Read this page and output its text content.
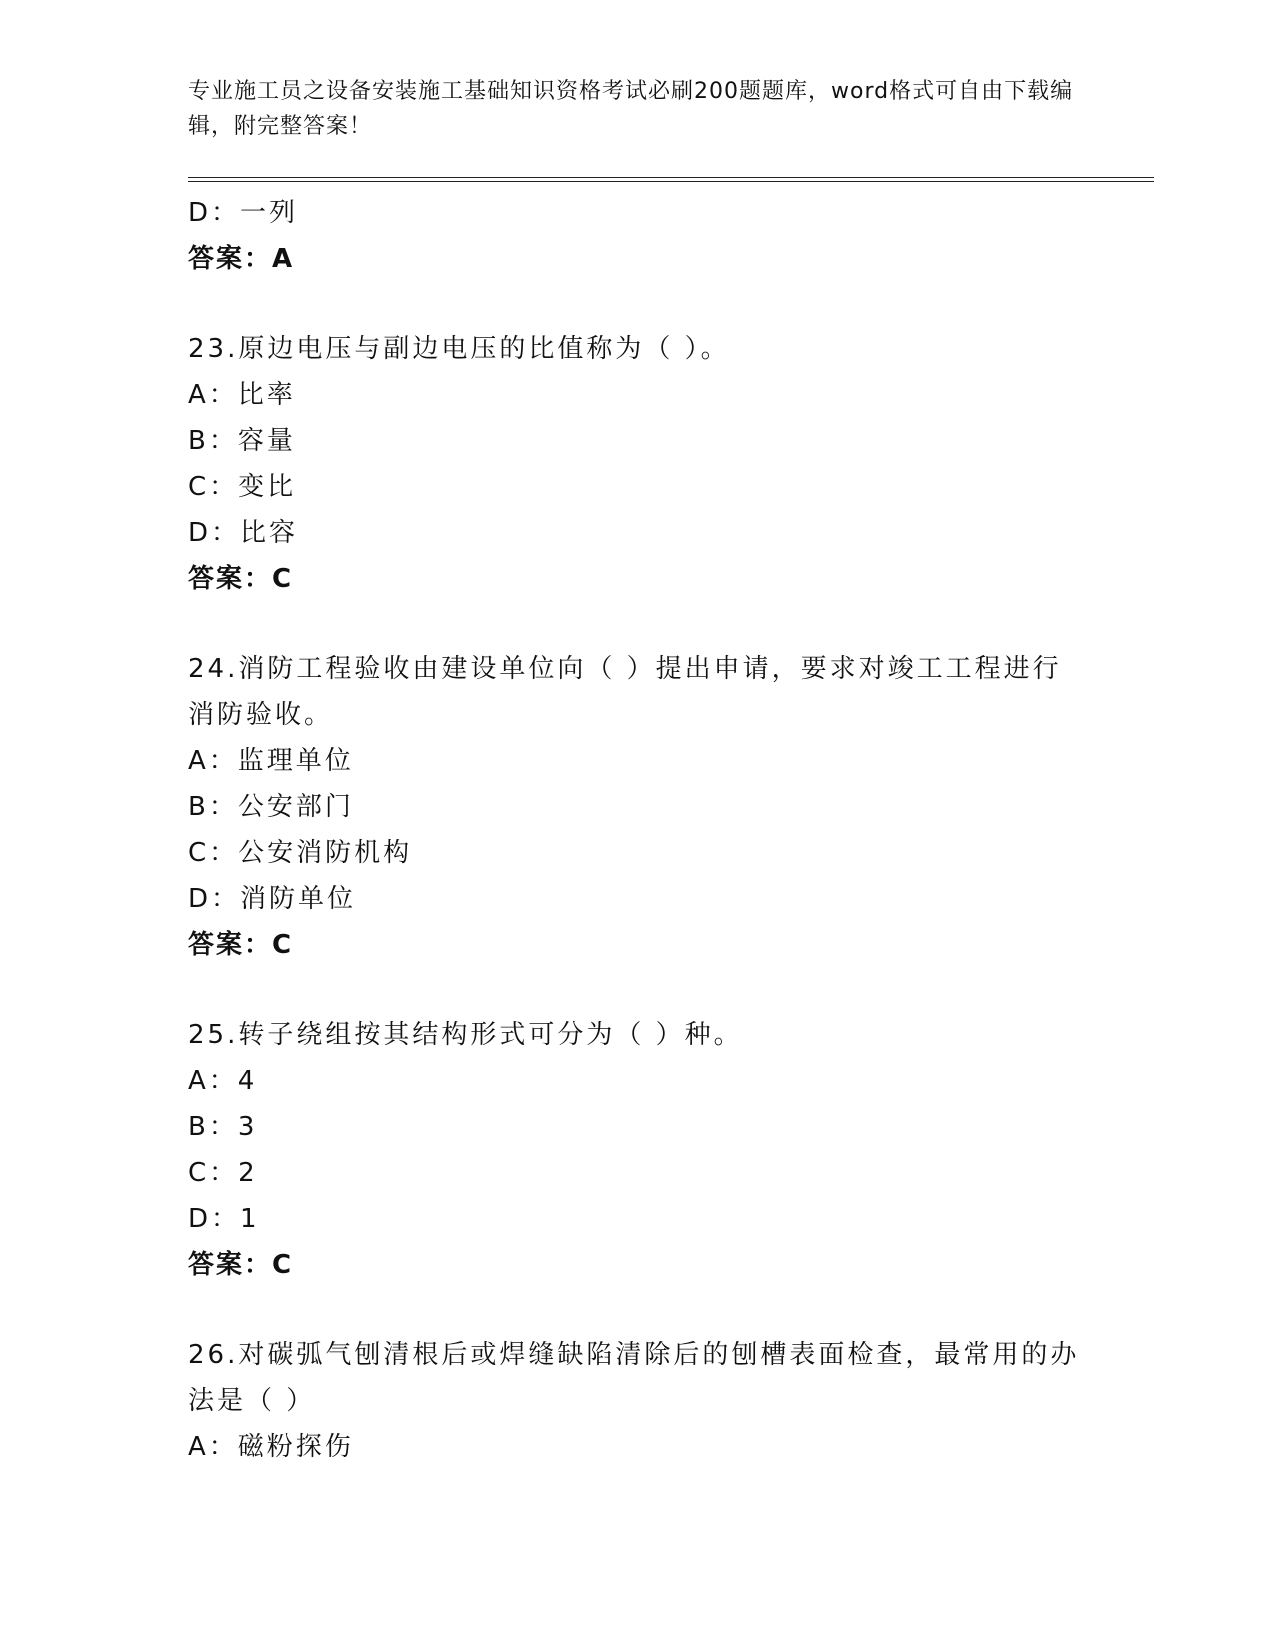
专业施工员之设备安装施工基础知识资格考试必刷200题题库，word格式可自由下载编辑，附完整答案！
D：一列
答案：A
23.原边电压与副边电压的比值称为（ ）。
A：比率
B：容量
C：变比
D：比容
答案：C
24.消防工程验收由建设单位向（ ）提出申请，要求对竣工工程进行消防验收。
A：监理单位
B：公安部门
C：公安消防机构
D：消防单位
答案：C
25.转子绕组按其结构形式可分为（ ）种。
A：4
B：3
C：2
D：1
答案：C
26.对碳弧气刨清根后或焊缝缺陷清除后的刨槽表面检查，最常用的办法是（ ）
A：磁粉探伤
